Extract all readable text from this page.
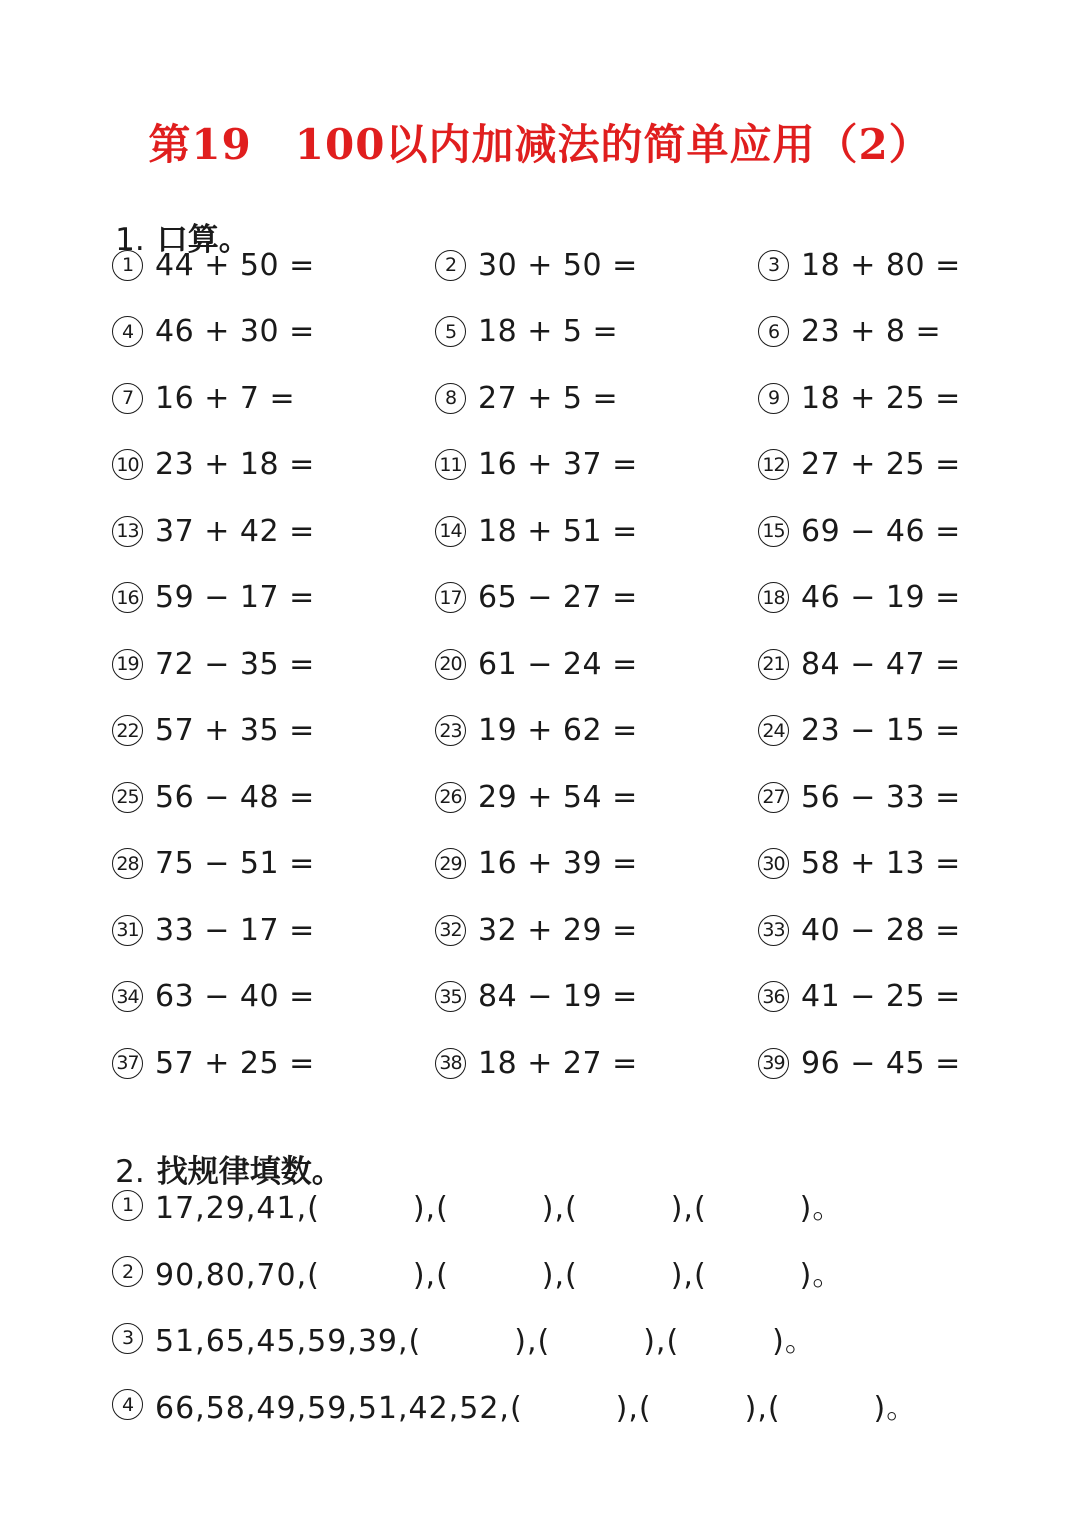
第19　100以内加减法的简单应用（2）

1. 口算。

1 44 + 50 =	2 30 + 50 =	3 18 + 80 =
4 46 + 30 =	5 18 + 5 =	6 23 + 8 =
7 16 + 7 =	8 27 + 5 =	9 18 + 25 =
10 23 + 18 =	11 16 + 37 =	12 27 + 25 =
13 37 + 42 =	14 18 + 51 =	15 69 − 46 =
16 59 − 17 =	17 65 − 27 =	18 46 − 19 =
19 72 − 35 =	20 61 − 24 =	21 84 − 47 =
22 57 + 35 =	23 19 + 62 =	24 23 − 15 =
25 56 − 48 =	26 29 + 54 =	27 56 − 33 =
28 75 − 51 =	29 16 + 39 =	30 58 + 13 =
31 33 − 17 =	32 32 + 29 =	33 40 − 28 =
34 63 − 40 =	35 84 − 19 =	36 41 − 25 =
37 57 + 25 =	38 18 + 27 =	39 96 − 45 =

2. 找规律填数。

1 17,29,41,(　　　),(　　　),(　　　),(　　　)。
2 90,80,70,(　　　),(　　　),(　　　),(　　　)。
3 51,65,45,59,39,(　　　),(　　　),(　　　)。
4 66,58,49,59,51,42,52,(　　　),(　　　),(　　　)。
